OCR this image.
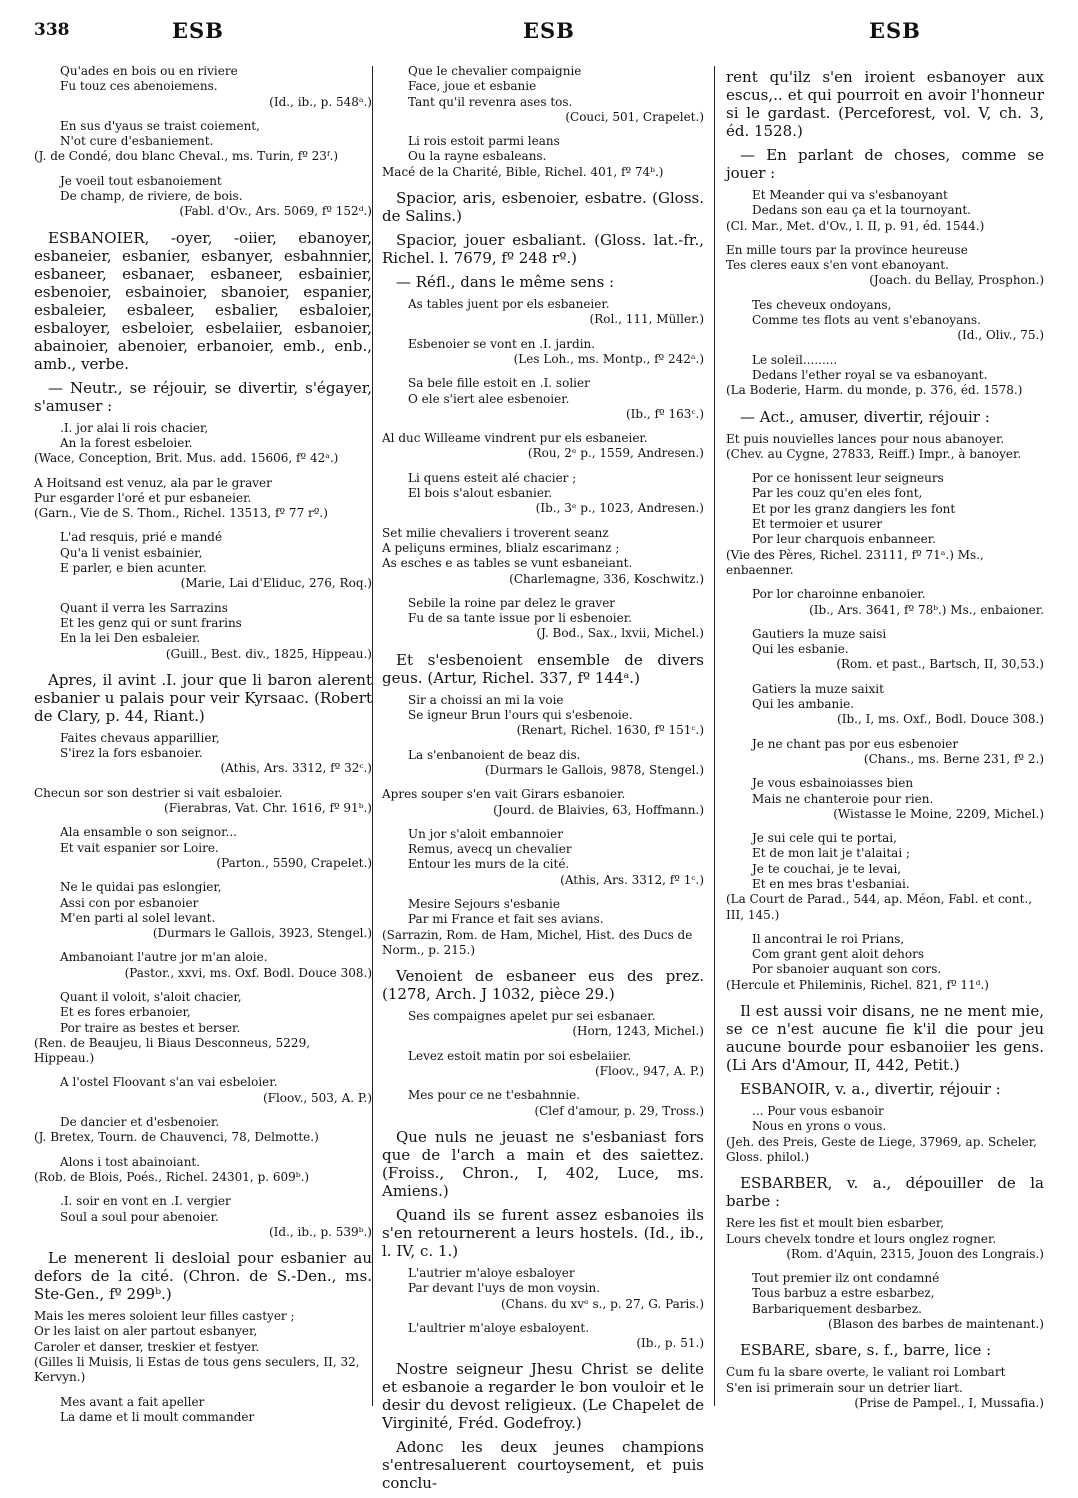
338	ESB	ESB	ESB
Qu'ades en bois ou en riviere
Fu touz ces abenoiemens.
(Id., ib., p. 548ᵃ.)
En sus d'yaus se traist coiement,
N'ot cure d'esbaniement.
(J. de Condé, dou blanc Cheval., ms. Turin, fº 23ᶠ.)
Je voeil tout esbanoiement
De champ, de riviere, de bois.
(Fabl. d'Ov., Ars. 5069, fº 152ᵈ.)
ESBANOIER, -oyer, -oiier, ebanoyer, esbaneier, esbanier, esbanyer, esbahnnier, esbaneer, esbanaer, esbaneer, esbainier, esbenoier, esbainoier, sbanoier, espanier, esbaleier, esbaleer, esbalier, esbaloier, esbaloyer, esbeloier, esbelaiier, esbanoier, abainoier, abenoier, erbanoier, emb., enb., amb., verbe.
— Neutr., se réjouir, se divertir, s'égayer, s'amuser :
.I. jor alai li rois chacier,
An la forest esbeloier.
(Wace, Conception, Brit. Mus. add. 15606, fº 42ᵃ.)
A Hoitsand est venuz, ala par le graver
Pur esgarder l'oré et pur esbaneier.
(Garn., Vie de S. Thom., Richel. 13513, fº 77 rº.)
L'ad resquis, prié e mandé
Qu'a li venist esbainier,
E parler, e bien acunter.
(Marie, Lai d'Eliduc, 276, Roq.)
Quant il verra les Sarrazins
Et les genz qui or sunt frarins
En la lei Den esbaleier.
(Guill., Best. div., 1825, Hippeau.)
Apres, il avint .I. jour que li baron alerent esbanier u palais pour veir Kyrsaac. (Robert de Clary, p. 44, Riant.)
Faites chevaus apparillier,
S'irez la fors esbanoier.
(Athis, Ars. 3312, fº 32ᶜ.)
Checun sor son destrier si vait esbaloier.
(Fierabras, Vat. Chr. 1616, fº 91ᵇ.)
Ala ensamble o son seignor...
Et vait espanier sor Loire.
(Parton., 5590, Crapelet.)
Ne le quidai pas eslongier,
Assi con por esbanoier
M'en parti al solel levant.
(Durmars le Gallois, 3923, Stengel.)
Ambanoiant l'autre jor m'an aloie.
(Pastor., xxvi, ms. Oxf. Bodl. Douce 308.)
Quant il voloit, s'aloit chacier,
Et es fores erbanoier,
Por traire as bestes et berser.
(Ren. de Beaujeu, li Biaus Desconneus, 5229, Hippeau.)
A l'ostel Floovant s'an vai esbeloier.
(Floov., 503, A. P.)
De dancier et d'esbenoier.
(J. Bretex, Tourn. de Chauvenci, 78, Delmotte.)
Alons i tost abainoiant.
(Rob. de Blois, Poés., Richel. 24301, p. 609ᵇ.)
.I. soir en vont en .I. vergier
Soul a soul pour abenoier.
(Id., ib., p. 539ᵇ.)
Le menerent li desloial pour esbanier au defors de la cité. (Chron. de S.-Den., ms. Ste-Gen., fº 299ᵇ.)
Mais les meres soloient leur filles castyer ;
Or les laist on aler partout esbanyer,
Caroler et danser, treskier et festyer.
(Gilles li Muisis, li Estas de tous gens seculers, II, 32, Kervyn.)
Mes avant a fait apeller
La dame et li moult commander
Que le chevalier compaignie
Face, joue et esbanie
Tant qu'il revenra ases tos.
(Couci, 501, Crapelet.)
Li rois estoit parmi leans
Ou la rayne esbaleans.
Macé de la Charité, Bible, Richel. 401, fº 74ᵇ.)
Spacior, aris, esbenoier, esbatre. (Gloss. de Salins.)
Spacior, jouer esbaliant. (Gloss. lat.-fr., Richel. l. 7679, fº 248 rº.)
— Réfl., dans le même sens :
As tables juent por els esbaneier.
(Rol., 111, Müller.)
Esbenoier se vont en .I. jardin.
(Les Loh., ms. Montp., fº 242ᵃ.)
Sa bele fille estoit en .I. solier
O ele s'iert alee esbenoier.
(Ib., fº 163ᶜ.)
Al duc Willeame vindrent pur els esbaneier.
(Rou, 2ᵉ p., 1559, Andresen.)
Li quens esteit alé chacier ;
El bois s'alout esbanier.
(Ib., 3ᵉ p., 1023, Andresen.)
Set milie chevaliers i troverent seanz
A peliçuns ermines, blialz escarimanz ;
As esches e as tables se vunt esbaneiant.
(Charlemagne, 336, Koschwitz.)
Sebile la roine par delez le graver
Fu de sa tante issue por li esbenoier.
(J. Bod., Sax., lxvii, Michel.)
Et s'esbenoient ensemble de divers geus. (Artur, Richel. 337, fº 144ᵃ.)
Sir a choissi an mi la voie
Se igneur Brun l'ours qui s'esbenoie.
(Renart, Richel. 1630, fº 151ᶜ.)
La s'enbanoient de beaz dis.
(Durmars le Gallois, 9878, Stengel.)
Apres souper s'en vait Girars esbanoier.
(Jourd. de Blaivies, 63, Hoffmann.)
Un jor s'aloit embannoier
Remus, avecq un chevalier
Entour les murs de la cité.
(Athis, Ars. 3312, fº 1ᶜ.)
Mesire Sejours s'esbanie
Par mi France et fait ses avians.
(Sarrazin, Rom. de Ham, Michel, Hist. des Ducs de Norm., p. 215.)
Venoient de esbaneer eus des prez. (1278, Arch. J 1032, pièce 29.)
Ses compaignes apelet pur sei esbanaer.
(Horn, 1243, Michel.)
Levez estoit matin por soi esbelaiier.
(Floov., 947, A. P.)
Mes pour ce ne t'esbahnnie.
(Clef d'amour, p. 29, Tross.)
Que nuls ne jeuast ne s'esbaniast fors que de l'arch a main et des saiettez. (Froiss., Chron., I, 402, Luce, ms. Amiens.)
Quand ils se furent assez esbanoies ils s'en retournerent a leurs hostels. (Id., ib., l. IV, c. 1.)
L'autrier m'aloye esbaloyer
Par devant l'uys de mon voysin.
(Chans. du xvᵉ s., p. 27, G. Paris.)
L'aultrier m'aloye esbaloyent.
(Ib., p. 51.)
Nostre seigneur Jhesu Christ se delite et esbanoie a regarder le bon vouloir et le desir du devost religieux. (Le Chapelet de Virginité, Fréd. Godefroy.)
Adonc les deux jeunes champions s'entresaluerent courtoysement, et puis conclu-
rent qu'ilz s'en iroient esbanoyer aux escus,.. et qui pourroit en avoir l'honneur si le gardast. (Perceforest, vol. V, ch. 3, éd. 1528.)
— En parlant de choses, comme se jouer :
Et Meander qui va s'esbanoyant
Dedans son eau ça et la tournoyant.
(Cl. Mar., Met. d'Ov., l. II, p. 91, éd. 1544.)
En mille tours par la province heureuse
Tes cleres eaux s'en vont ebanoyant.
(Joach. du Bellay, Prosphon.)
Tes cheveux ondoyans,
Comme tes flots au vent s'ebanoyans.
(Id., Oliv., 75.)
Le soleil.........
Dedans l'ether royal se va esbanoyant.
(La Boderie, Harm. du monde, p. 376, éd. 1578.)
— Act., amuser, divertir, réjouir :
Et puis nouvielles lances pour nous abanoyer.
(Chev. au Cygne, 27833, Reiff.) Impr., à banoyer.
Por ce honissent leur seigneurs
Par les couz qu'en eles font,
Et por les granz dangiers les font
Et termoier et usurer
Por leur charquois enbanneer.
(Vie des Pères, Richel. 23111, fº 71ᵃ.) Ms., enbaenner.
Por lor charoinne enbanoier.
(Ib., Ars. 3641, fº 78ᵇ.) Ms., enbaioner.
Gautiers la muze saisi
Qui les esbanie.
(Rom. et past., Bartsch, II, 30,53.)
Gatiers la muze saixit
Qui les ambanie.
(Ib., I, ms. Oxf., Bodl. Douce 308.)
Je ne chant pas por eus esbenoier
(Chans., ms. Berne 231, fº 2.)
Je vous esbainoiasses bien
Mais ne chanteroie pour rien.
(Wistasse le Moine, 2209, Michel.)
Je sui cele qui te portai,
Et de mon lait je t'alaitai ;
Je te couchai, je te levai,
Et en mes bras t'esbaniai.
(La Court de Parad., 544, ap. Méon, Fabl. et cont., III, 145.)
Il ancontrai le roi Prians,
Com grant gent aloit dehors
Por sbanoier auquant son cors.
(Hercule et Phileminis, Richel. 821, fº 11ᵈ.)
Il est aussi voir disans, ne ne ment mie, se ce n'est aucune fie k'il die pour jeu aucune bourde pour esbanoiier les gens. (Li Ars d'Amour, II, 442, Petit.)
ESBANOIR, v. a., divertir, réjouir :
... Pour vous esbanoir
Nous en yrons o vous.
(Jeh. des Preis, Geste de Liege, 37969, ap. Scheler, Gloss. philol.)
ESBARBER, v. a., dépouiller de la barbe :
Rere les fist et moult bien esbarber,
Lours chevelx tondre et lours onglez rogner.
(Rom. d'Aquin, 2315, Jouon des Longrais.)
Tout premier ilz ont condamné
Tous barbuz a estre esbarbez,
Barbariquement desbarbez.
(Blason des barbes de maintenant.)
ESBARE, sbare, s. f., barre, lice :
Cum fu la sbare overte, le valiant roi Lombart
S'en isi primerain sour un detrier liart.
(Prise de Pampel., I, Mussafia.)
